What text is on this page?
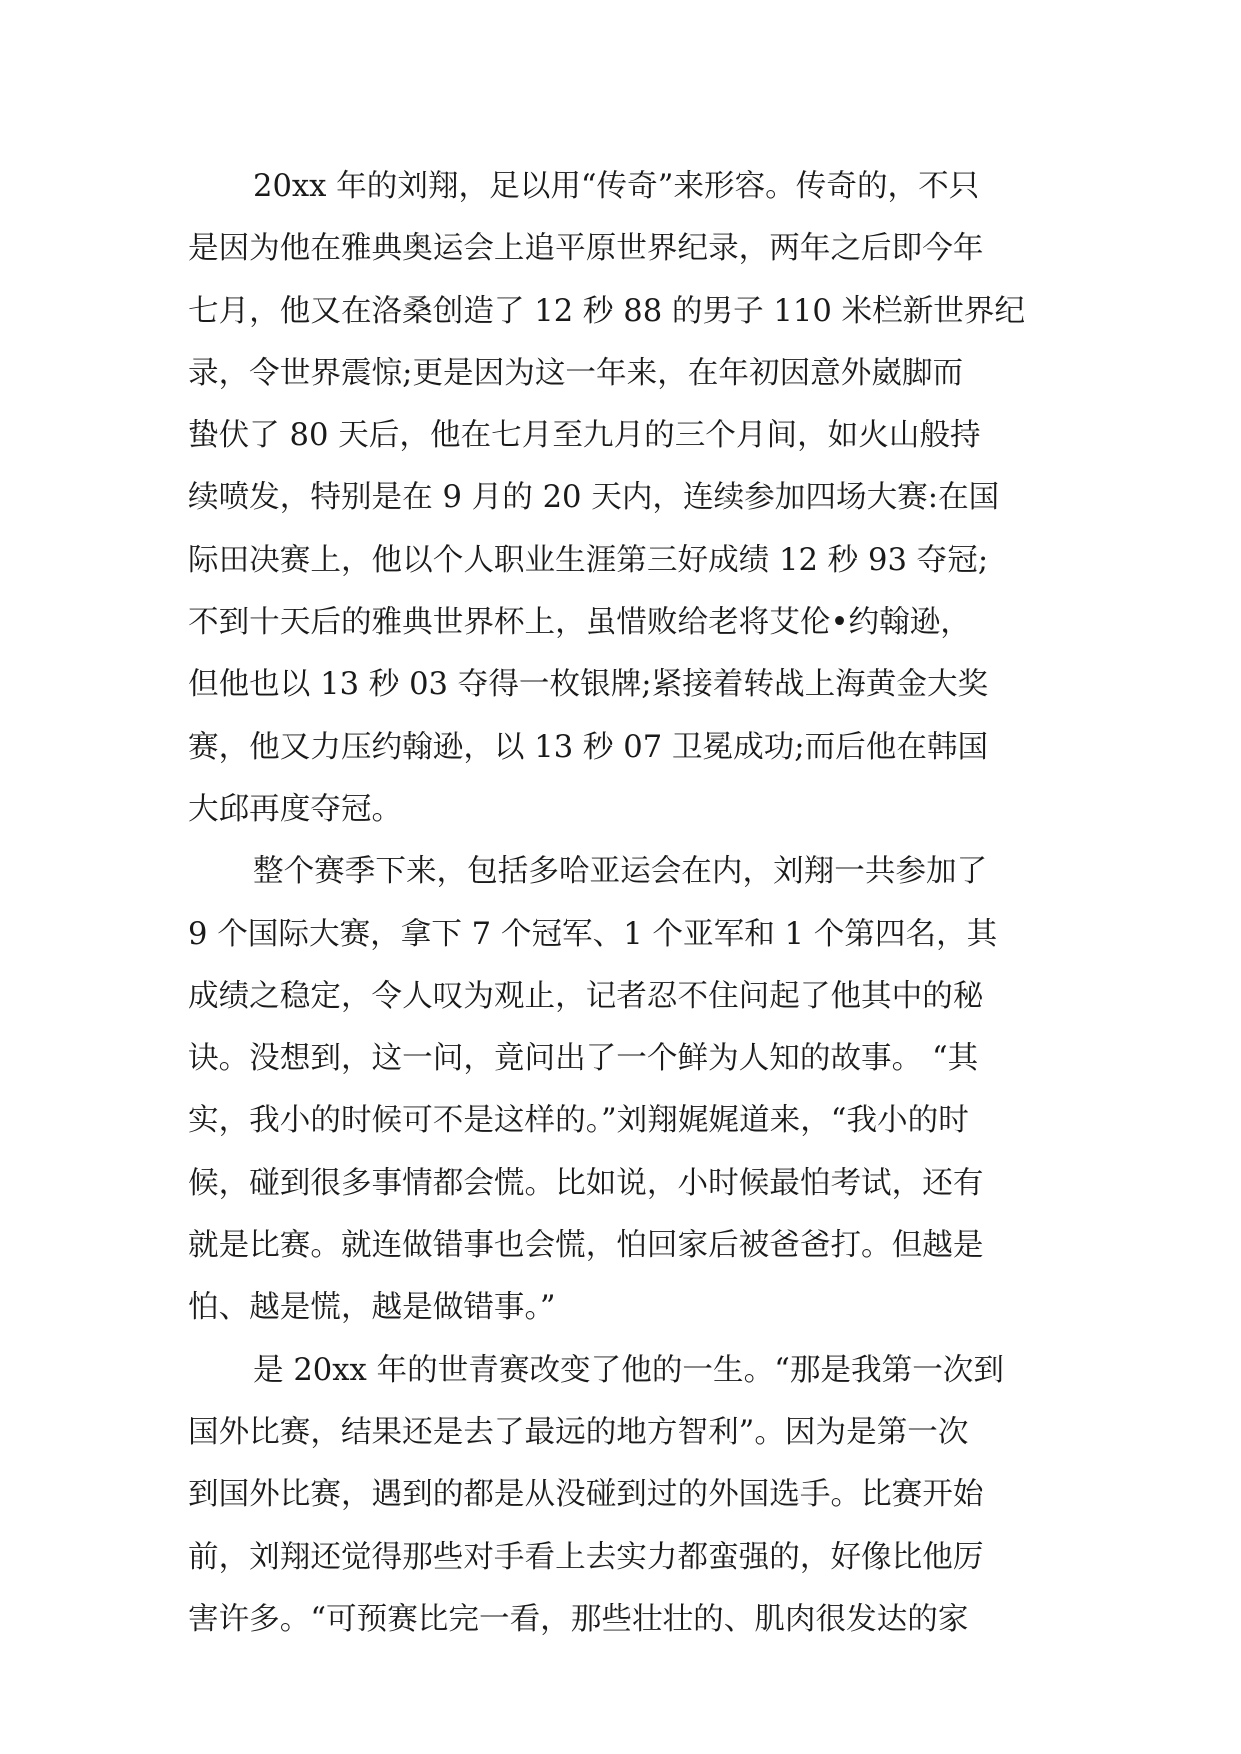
20xx 年的刘翔，足以用“传奇”来形容。传奇的，不只
是因为他在雅典奥运会上追平原世界纪录，两年之后即今年
七月，他又在洛桑创造了 12 秒 88 的男子 110 米栏新世界纪
录，令世界震惊;更是因为这一年来，在年初因意外崴脚而
蛰伏了 80 天后，他在七月至九月的三个月间，如火山般持
续喷发，特别是在 9 月的 20 天内，连续参加四场大赛:在国
际田决赛上，他以个人职业生涯第三好成绩 12 秒 93 夺冠;
不到十天后的雅典世界杯上，虽惜败给老将艾伦•约翰逊，
但他也以 13 秒 03 夺得一枚银牌;紧接着转战上海黄金大奖
赛，他又力压约翰逊，以 13 秒 07 卫冕成功;而后他在韩国
大邱再度夺冠。
整个赛季下来，包括多哈亚运会在内，刘翔一共参加了
9 个国际大赛，拿下 7 个冠军、1 个亚军和 1 个第四名，其
成绩之稳定，令人叹为观止，记者忍不住问起了他其中的秘
诀。没想到，这一问，竟问出了一个鲜为人知的故事。 “其
实，我小的时候可不是这样的。”刘翔娓娓道来，“我小的时
候，碰到很多事情都会慌。比如说，小时候最怕考试，还有
就是比赛。就连做错事也会慌，怕回家后被爸爸打。但越是
怕、越是慌，越是做错事。”
是 20xx 年的世青赛改变了他的一生。“那是我第一次到
国外比赛，结果还是去了最远的地方智利”。因为是第一次
到国外比赛，遇到的都是从没碰到过的外国选手。比赛开始
前，刘翔还觉得那些对手看上去实力都蛮强的，好像比他厉
害许多。“可预赛比完一看，那些壮壮的、肌肉很发达的家
